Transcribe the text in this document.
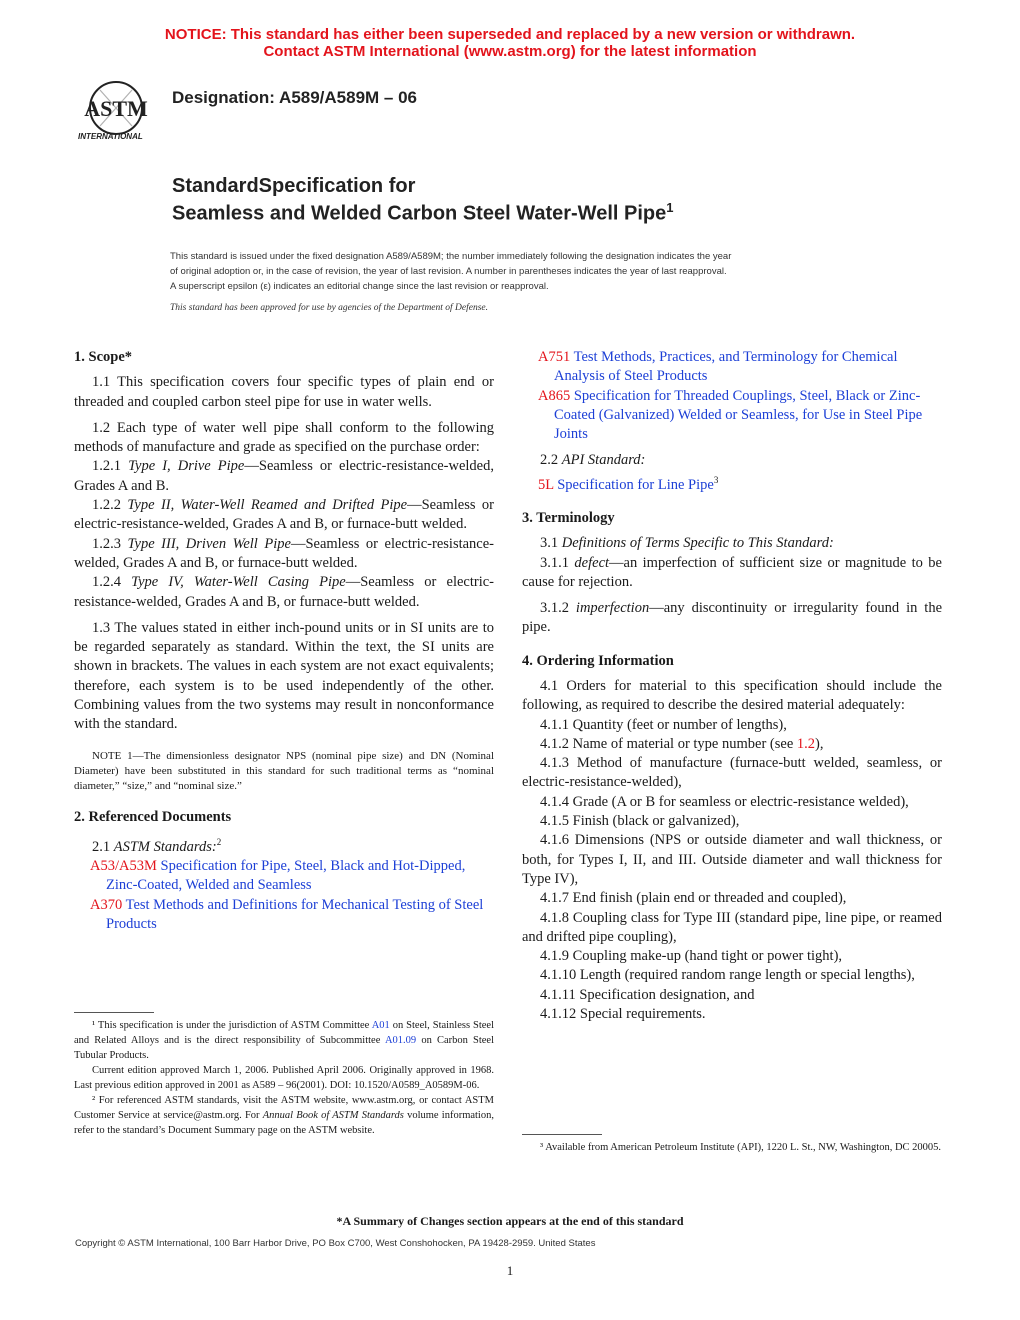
NOTICE: This standard has either been superseded and replaced by a new version or withdrawn.
Contact ASTM International (www.astm.org) for the latest information
ASTM
INTERNATIONAL
Designation: A589/A589M – 06
StandardSpecification for
Seamless and Welded Carbon Steel Water-Well Pipe$^1$
This standard is issued under the fixed designation A589/A589M; the number immediately following the designation indicates the year
of original adoption or, in the case of revision, the year of last revision. A number in parentheses indicates the year of last reapproval.
A superscript epsilon (ε) indicates an editorial change since the last revision or reapproval.
This standard has been approved for use by agencies of the Department of Defense.

1. Scope*

1.1 This specification covers four specific types of plain end or threaded and coupled carbon steel pipe for use in water wells.

1.2 Each type of water well pipe shall conform to the following methods of manufacture and grade as specified on the purchase order:

1.2.1 Type I, Drive Pipe—Seamless or electric-resistance-welded, Grades A and B.

1.2.2 Type II, Water-Well Reamed and Drifted Pipe—Seamless or electric-resistance-welded, Grades A and B, or furnace-butt welded.

1.2.3 Type III, Driven Well Pipe—Seamless or electric-resistance-welded, Grades A and B, or furnace-butt welded.

1.2.4 Type IV, Water-Well Casing Pipe—Seamless or electric-resistance-welded, Grades A and B, or furnace-butt welded.

1.3 The values stated in either inch-pound units or in SI units are to be regarded separately as standard. Within the text, the SI units are shown in brackets. The values in each system are not exact equivalents; therefore, each system is to be used independently of the other. Combining values from the two systems may result in nonconformance with the standard.

NOTE 1—The dimensionless designator NPS (nominal pipe size) and DN (Nominal Diameter) have been substituted in this standard for such traditional terms as “nominal diameter,” “size,” and “nominal size.”

2. Referenced Documents

2.1 ASTM Standards:$^2$

A53/A53M Specification for Pipe, Steel, Black and Hot-Dipped, Zinc-Coated, Welded and Seamless

A370 Test Methods and Definitions for Mechanical Testing of Steel Products

¹ This specification is under the jurisdiction of ASTM Committee A01 on Steel, Stainless Steel and Related Alloys and is the direct responsibility of Subcommittee A01.09 on Carbon Steel Tubular Products.

Current edition approved March 1, 2006. Published April 2006. Originally approved in 1968. Last previous edition approved in 2001 as A589 – 96(2001). DOI: 10.1520/A0589_A0589M-06.

² For referenced ASTM standards, visit the ASTM website, www.astm.org, or contact ASTM Customer Service at service@astm.org. For Annual Book of ASTM Standards volume information, refer to the standard’s Document Summary page on the ASTM website.

A751 Test Methods, Practices, and Terminology for Chemical Analysis of Steel Products

A865 Specification for Threaded Couplings, Steel, Black or Zinc-Coated (Galvanized) Welded or Seamless, for Use in Steel Pipe Joints

2.2 API Standard:

5L Specification for Line Pipe$^3$

3. Terminology

3.1 Definitions of Terms Specific to This Standard:

3.1.1 defect—an imperfection of sufficient size or magnitude to be cause for rejection.

3.1.2 imperfection—any discontinuity or irregularity found in the pipe.

4. Ordering Information

4.1 Orders for material to this specification should include the following, as required to describe the desired material adequately:

4.1.1 Quantity (feet or number of lengths),

4.1.2 Name of material or type number (see 1.2),

4.1.3 Method of manufacture (furnace-butt welded, seamless, or electric-resistance-welded),

4.1.4 Grade (A or B for seamless or electric-resistance welded),

4.1.5 Finish (black or galvanized),

4.1.6 Dimensions (NPS or outside diameter and wall thickness, or both, for Types I, II, and III. Outside diameter and wall thickness for Type IV),

4.1.7 End finish (plain end or threaded and coupled),

4.1.8 Coupling class for Type III (standard pipe, line pipe, or reamed and drifted pipe coupling),

4.1.9 Coupling make-up (hand tight or power tight),

4.1.10 Length (required random range length or special lengths),

4.1.11 Specification designation, and

4.1.12 Special requirements.

³ Available from American Petroleum Institute (API), 1220 L. St., NW, Washington, DC 20005.
*A Summary of Changes section appears at the end of this standard
Copyright © ASTM International, 100 Barr Harbor Drive, PO Box C700, West Conshohocken, PA 19428-2959. United States
1
